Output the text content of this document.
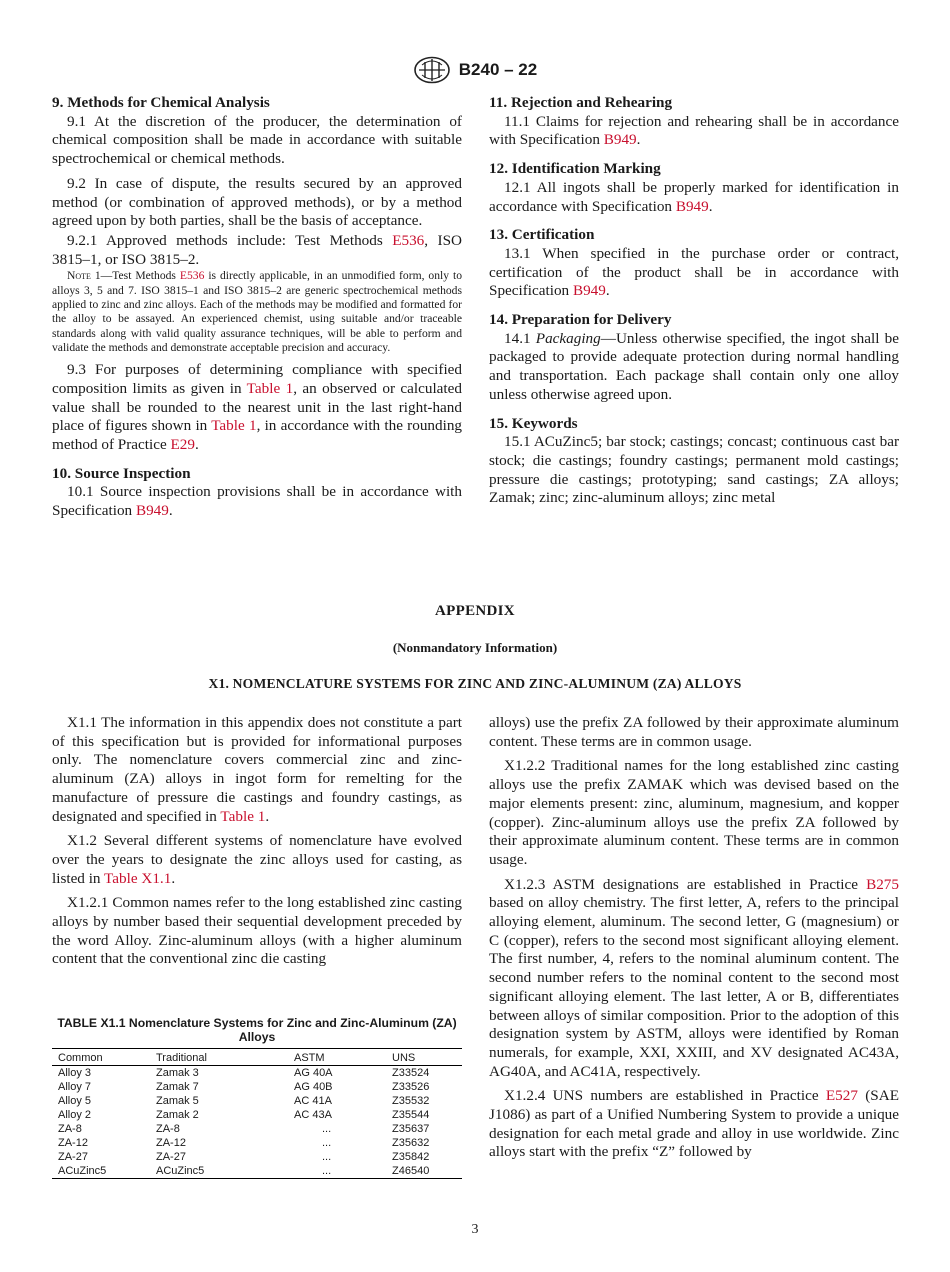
B240 – 22

9. Methods for Chemical Analysis

9.1 At the discretion of the producer, the determination of chemical composition shall be made in accordance with suitable spectrochemical or chemical methods.

9.2 In case of dispute, the results secured by an approved method (or combination of approved methods), or by a method agreed upon by both parties, shall be the basis of acceptance.

9.2.1 Approved methods include: Test Methods E536, ISO 3815–1, or ISO 3815–2.

Note 1—Test Methods E536 is directly applicable, in an unmodified form, only to alloys 3, 5 and 7. ISO 3815–1 and ISO 3815–2 are generic spectrochemical methods applied to zinc and zinc alloys. Each of the methods may be modified and formatted for the alloy to be assayed. An experienced chemist, using suitable and/or traceable standards along with valid quality assurance techniques, will be able to perform and validate the methods and demonstrate acceptable precision and accuracy.

9.3 For purposes of determining compliance with specified composition limits as given in Table 1, an observed or calculated value shall be rounded to the nearest unit in the last right-hand place of figures shown in Table 1, in accordance with the rounding method of Practice E29.

10. Source Inspection

10.1 Source inspection provisions shall be in accordance with Specification B949.

11. Rejection and Rehearing

11.1 Claims for rejection and rehearing shall be in accordance with Specification B949.

12. Identification Marking

12.1 All ingots shall be properly marked for identification in accordance with Specification B949.

13. Certification

13.1 When specified in the purchase order or contract, certification of the product shall be in accordance with Specification B949.

14. Preparation for Delivery

14.1 Packaging—Unless otherwise specified, the ingot shall be packaged to provide adequate protection during normal handling and transportation. Each package shall contain only one alloy unless otherwise agreed upon.

15. Keywords

15.1 ACuZinc5; bar stock; castings; concast; continuous cast bar stock; die castings; foundry castings; permanent mold castings; pressure die castings; prototyping; sand castings; ZA alloys; Zamak; zinc; zinc-aluminum alloys; zinc metal

APPENDIX
(Nonmandatory Information)
X1. NOMENCLATURE SYSTEMS FOR ZINC AND ZINC-ALUMINUM (ZA) ALLOYS

X1.1 The information in this appendix does not constitute a part of this specification but is provided for informational purposes only. The nomenclature covers commercial zinc and zinc-aluminum (ZA) alloys in ingot form for remelting for the manufacture of pressure die castings and foundry castings, as designated and specified in Table 1.

X1.2 Several different systems of nomenclature have evolved over the years to designate the zinc alloys used for casting, as listed in Table X1.1.

X1.2.1 Common names refer to the long established zinc casting alloys by number based their sequential development preceded by the word Alloy. Zinc-aluminum alloys (with a higher aluminum content that the conventional zinc die casting

TABLE X1.1 Nomenclature Systems for Zinc and Zinc-Aluminum (ZA) Alloys
Common	Traditional	ASTM	UNS
Alloy 3	Zamak 3	AG 40A	Z33524
Alloy 7	Zamak 7	AG 40B	Z33526
Alloy 5	Zamak 5	AC 41A	Z35532
Alloy 2	Zamak 2	AC 43A	Z35544
ZA-8	ZA-8	...	Z35637
ZA-12	ZA-12	...	Z35632
ZA-27	ZA-27	...	Z35842
ACuZinc5	ACuZinc5	...	Z46540

alloys) use the prefix ZA followed by their approximate aluminum content. These terms are in common usage.

X1.2.2 Traditional names for the long established zinc casting alloys use the prefix ZAMAK which was devised based on the major elements present: zinc, aluminum, magnesium, and kopper (copper). Zinc-aluminum alloys use the prefix ZA followed by their approximate aluminum content. These terms are in common usage.

X1.2.3 ASTM designations are established in Practice B275 based on alloy chemistry. The first letter, A, refers to the principal alloying element, aluminum. The second letter, G (magnesium) or C (copper), refers to the second most significant alloying element. The first number, 4, refers to the nominal aluminum content. The second number refers to the nominal content to the second most significant alloying element. The last letter, A or B, differentiates between alloys of similar composition. Prior to the adoption of this designation system by ASTM, alloys were identified by Roman numerals, for example, XXI, XXIII, and XV designated AC43A, AG40A, and AC41A, respectively.

X1.2.4 UNS numbers are established in Practice E527 (SAE J1086) as part of a Unified Numbering System to provide a unique designation for each metal grade and alloy in use worldwide. Zinc alloys start with the prefix “Z” followed by

3
